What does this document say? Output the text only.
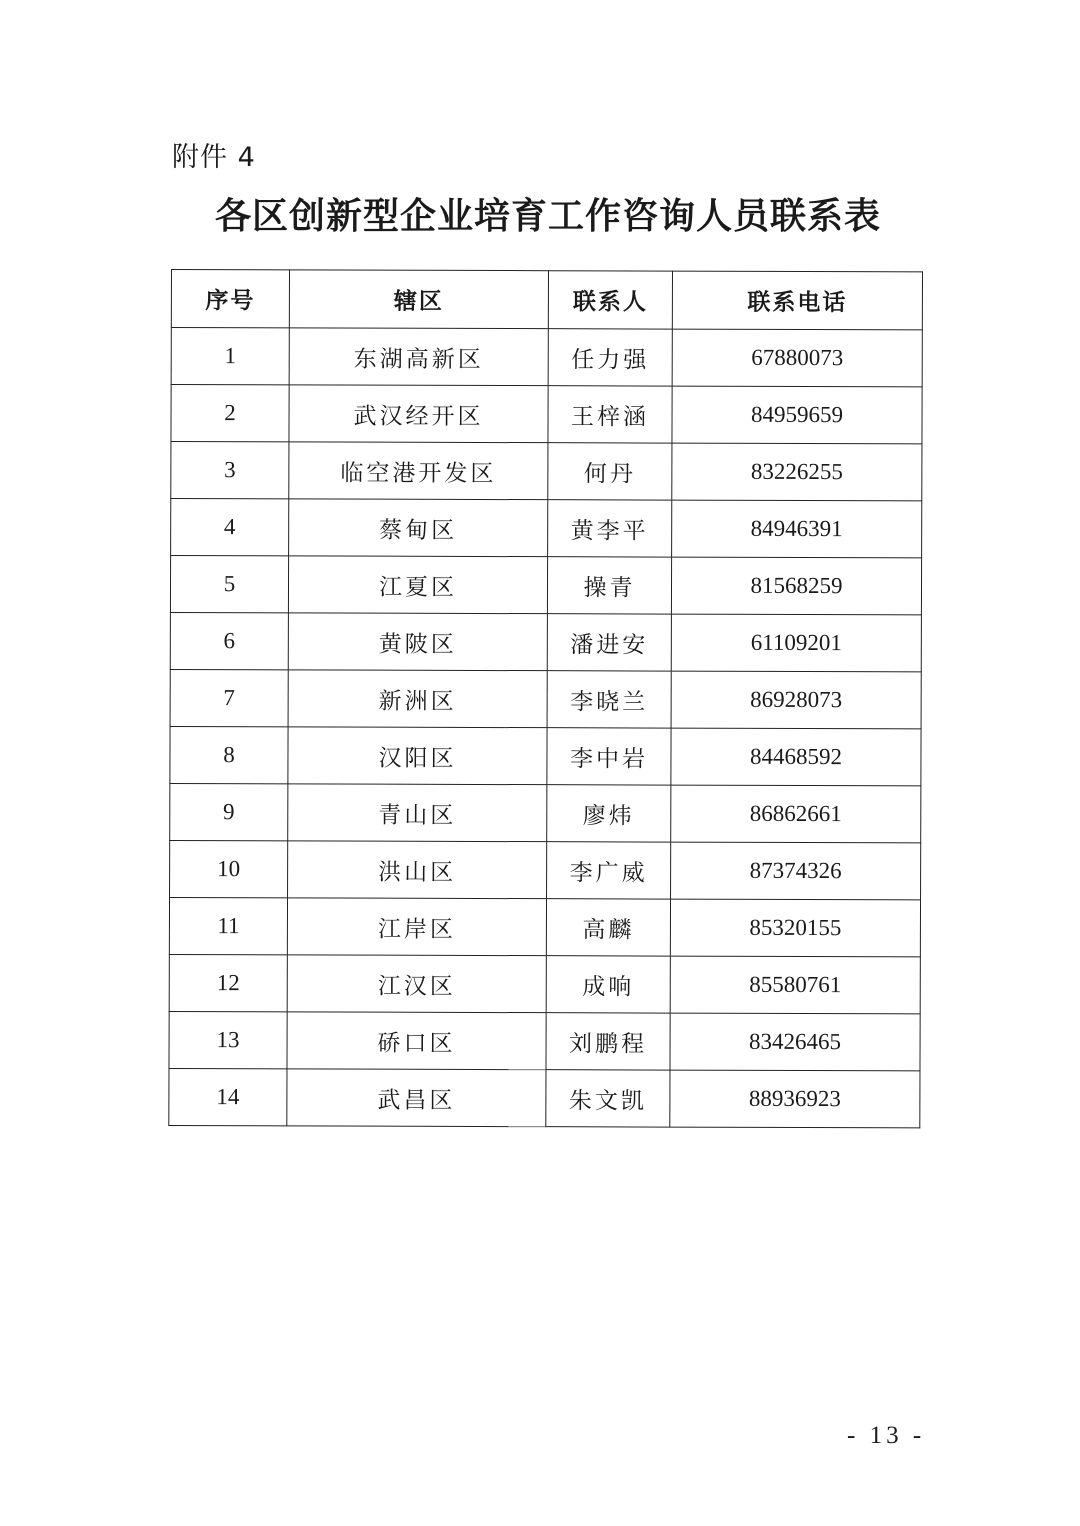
附件 4
各区创新型企业培育工作咨询人员联系表
序号	辖区	联系人	联系电话
1	东湖高新区	任力强	67880073
2	武汉经开区	王梓涵	84959659
3	临空港开发区	何丹	83226255
4	蔡甸区	黄李平	84946391
5	江夏区	操青	81568259
6	黄陂区	潘进安	61109201
7	新洲区	李晓兰	86928073
8	汉阳区	李中岩	84468592
9	青山区	廖炜	86862661
10	洪山区	李广威	87374326
11	江岸区	高麟	85320155
12	江汉区	成响	85580761
13	硚口区	刘鹏程	83426465
14	武昌区	朱文凯	88936923
- 13 -
